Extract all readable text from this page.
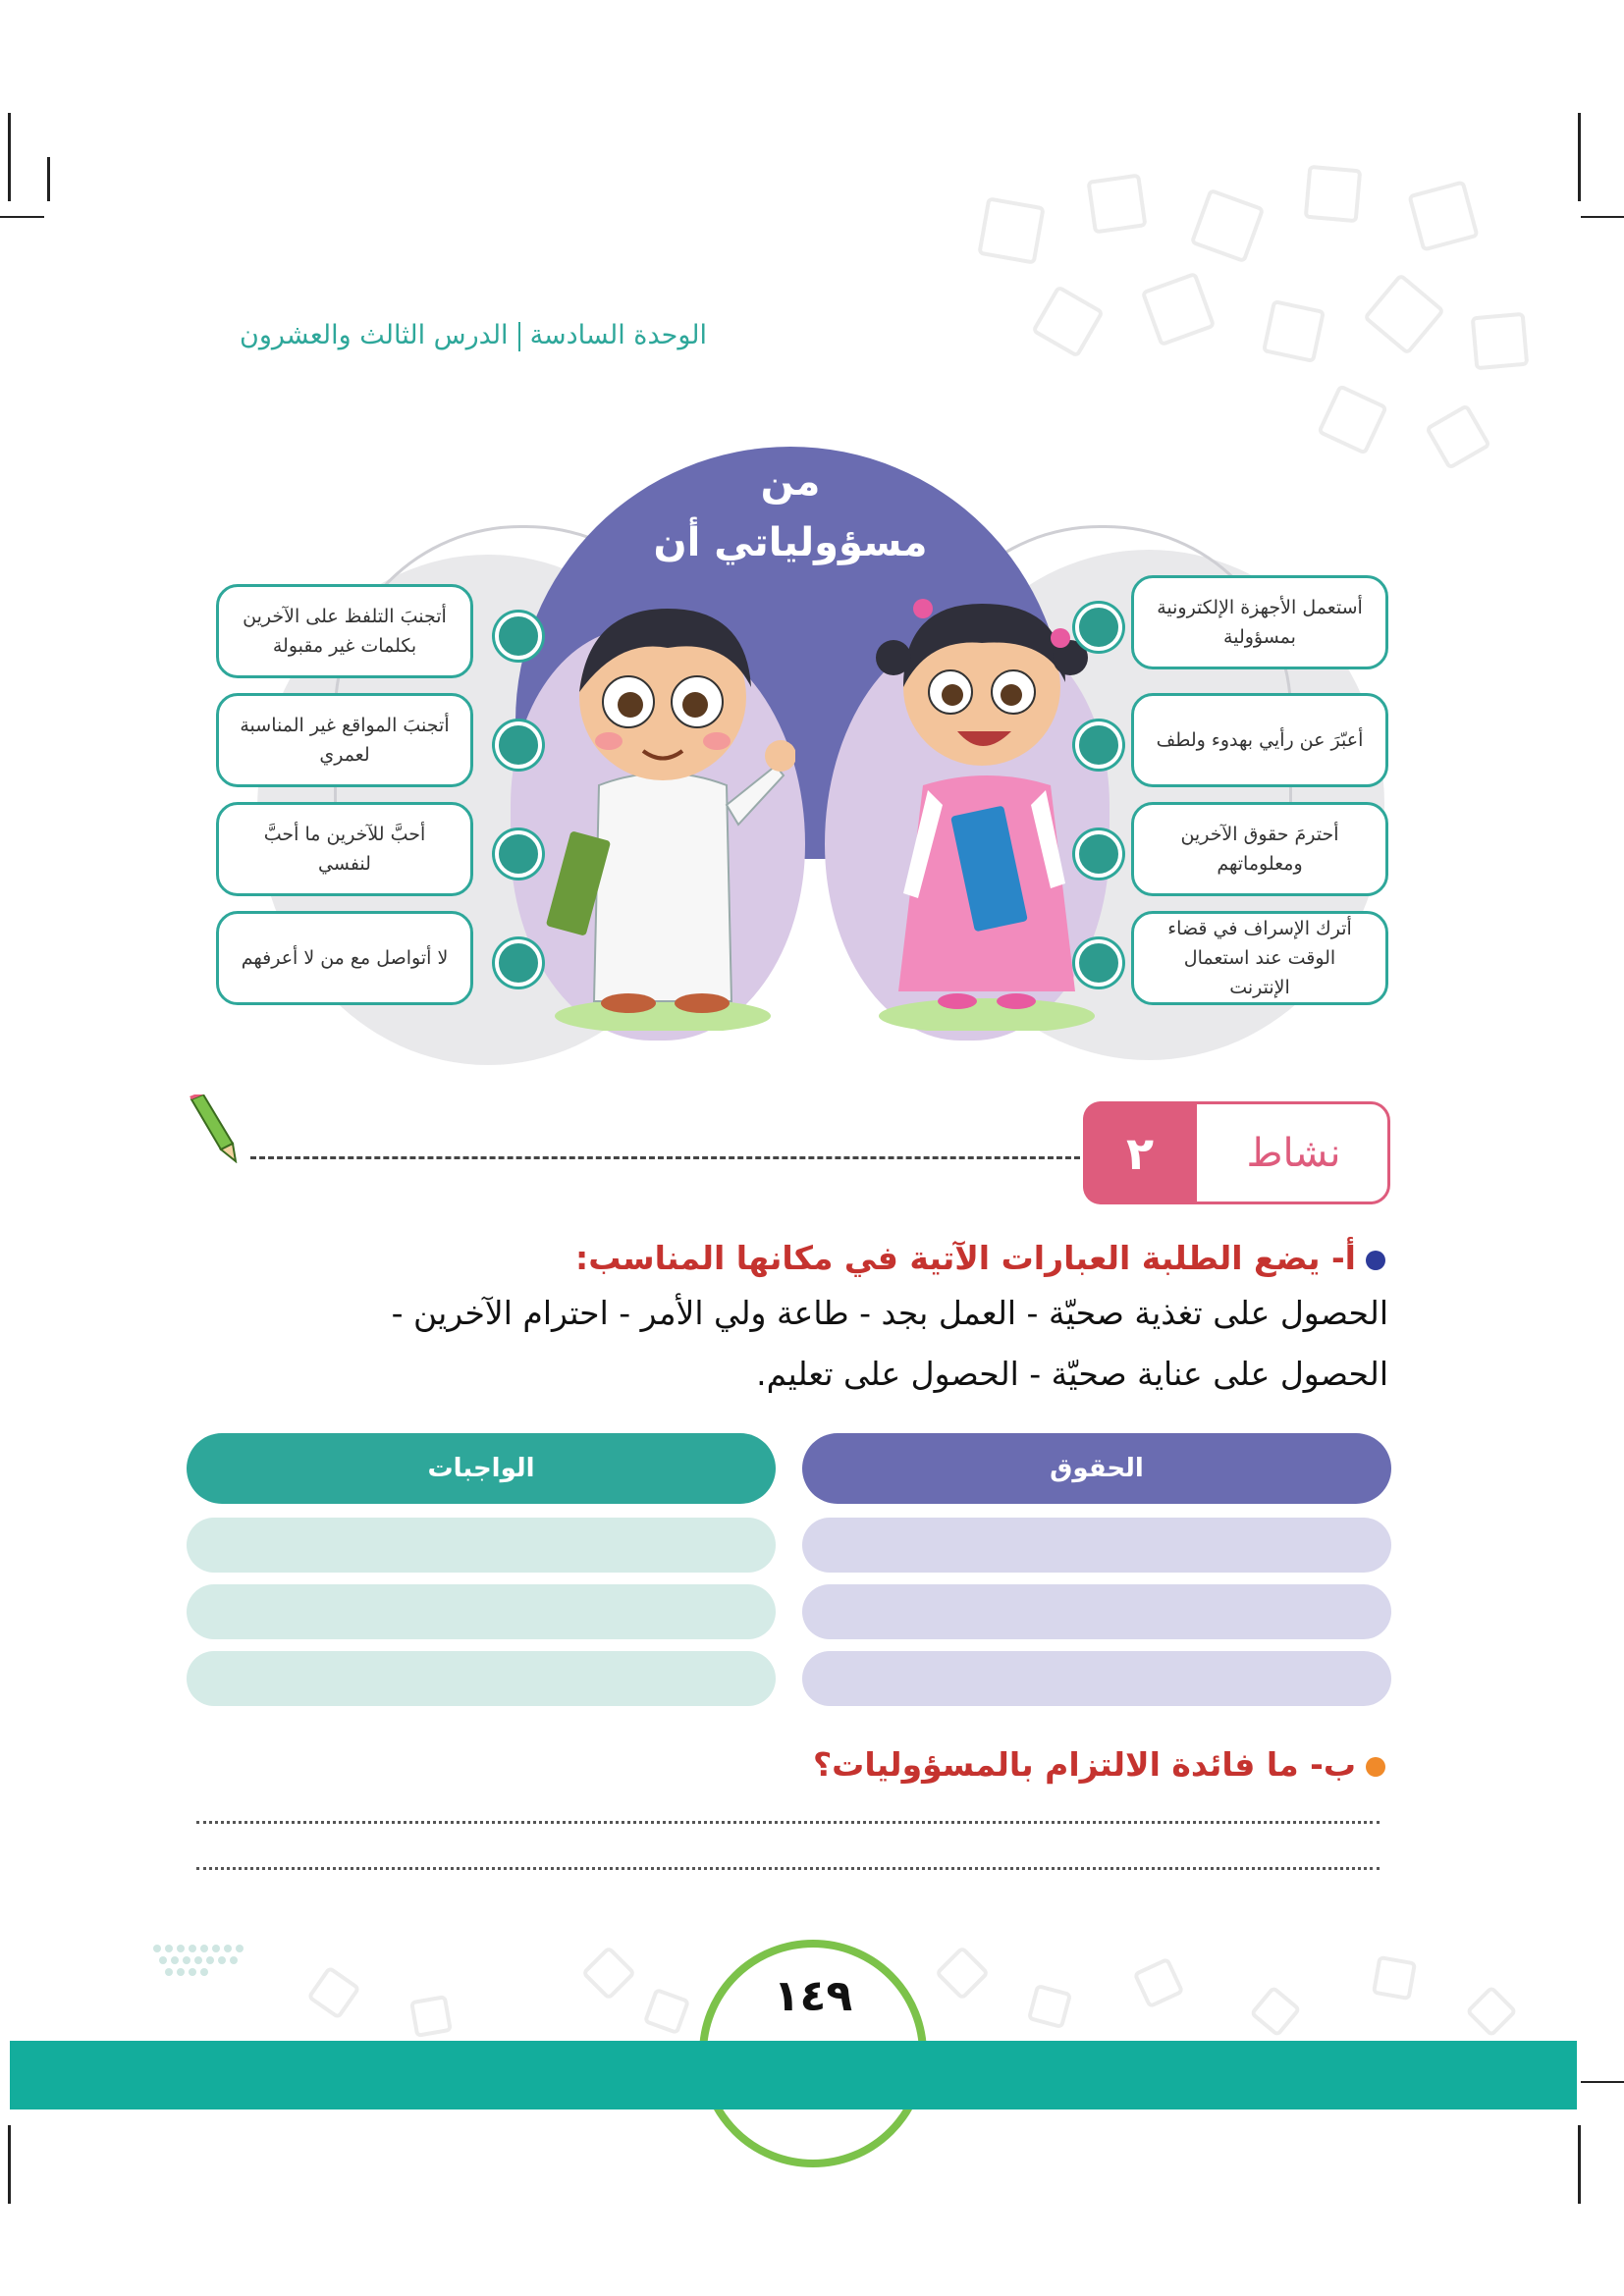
الوحدة السادسةالدرس الثالث والعشرون
من
مسؤولياتي أن
أتجنبَ التلفظ على الآخرين بكلمات غير مقبولة
أتجنبَ المواقع غير المناسبة لعمري
أحبَّ للآخرين ما أحبَّ لنفسي
لا أتواصل مع من لا أعرفهم
أستعمل الأجهزة الإلكترونية بمسؤولية
أعبّرَ عن رأيي بهدوء ولطف
أحترمَ حقوق الآخرين ومعلوماتهم
أترك الإسراف في قضاء الوقت عند استعمال الإنترنت
٢	نشاط
أ- يضع الطلبة العبارات الآتية في مكانها المناسب:
الحصول على تغذية صحيّة - العمل بجد - طاعة ولي الأمر - احترام الآخرين -
الحصول على عناية صحيّة - الحصول على تعليم.
الحقوق
الواجبات
ب- ما فائدة الالتزام بالمسؤوليات؟
١٤٩
